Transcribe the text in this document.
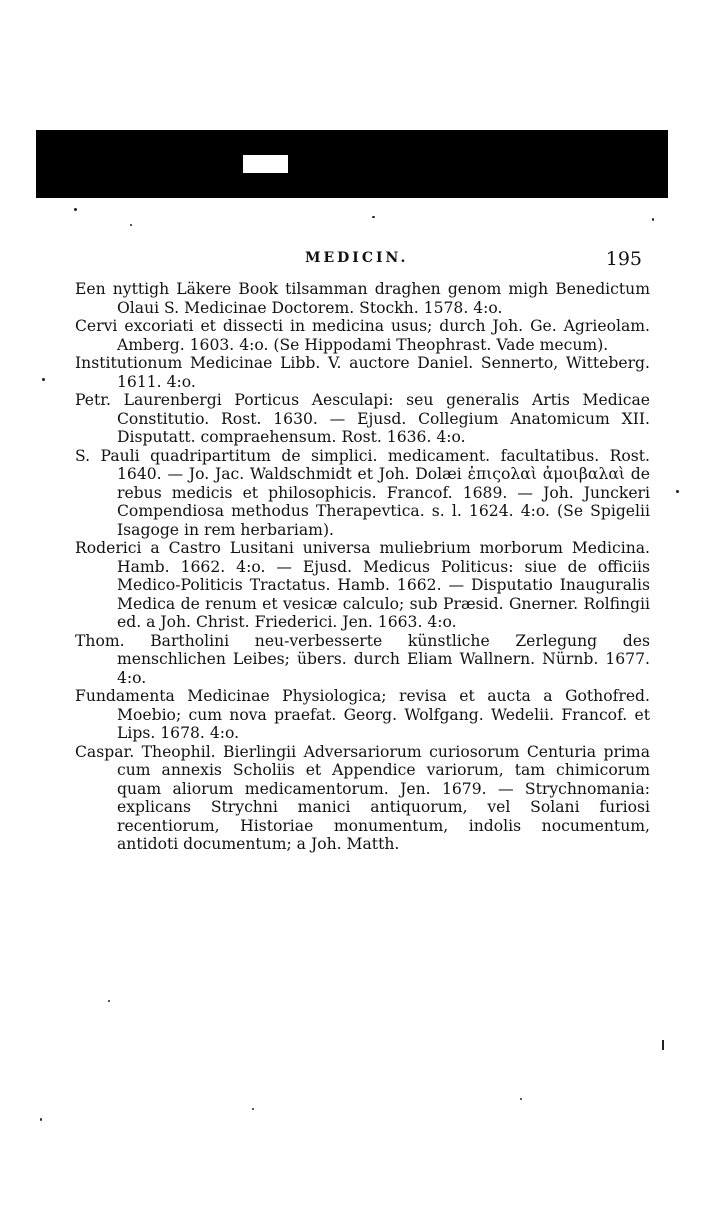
MEDICIN.	195
Een nyttigh Läkere Book tilsamman draghen genom migh Benedictum Olaui S. Medicinae Doctorem. Stockh. 1578. 4:o.
Cervi excoriati et dissecti in medicina usus; durch Joh. Ge. Agrieolam. Amberg. 1603. 4:o. (Se Hippodami Theophrast. Vade mecum).
Institutionum Medicinae Libb. V. auctore Daniel. Sennerto, Witteberg. 1611. 4:o.
Petr. Laurenbergi Porticus Aesculapi: seu generalis Artis Medicae Constitutio. Rost. 1630. — Ejusd. Collegium Anatomicum XII. Disputatt. compraehensum. Rost. 1636. 4:o.
S. Pauli quadripartitum de simplici. medicament. facultatibus. Rost. 1640. — Jo. Jac. Waldschmidt et Joh. Dolæi ἐπιςολαὶ ἀμοιβαλαὶ de rebus medicis et philosophicis. Francof. 1689. — Joh. Junckeri Compendiosa methodus Therapevtica. s. l. 1624. 4:o. (Se Spigelii Isagoge in rem herbariam).
Roderici a Castro Lusitani universa muliebrium morborum Medicina. Hamb. 1662. 4:o. — Ejusd. Medicus Politicus: siue de officiis Medico-Politicis Tractatus. Hamb. 1662. — Disputatio Inauguralis Medica de renum et vesicæ calculo; sub Præsid. Gnerner. Rolfingii ed. a Joh. Christ. Friederici. Jen. 1663. 4:o.
Thom. Bartholini neu-verbesserte künstliche Zerlegung des menschlichen Leibes; übers. durch Eliam Wallnern. Nürnb. 1677. 4:o.
Fundamenta Medicinae Physiologica; revisa et aucta a Gothofred. Moebio; cum nova praefat. Georg. Wolfgang. Wedelii. Francof. et Lips. 1678. 4:o.
Caspar. Theophil. Bierlingii Adversariorum curiosorum Centuria prima cum annexis Scholiis et Appendice variorum, tam chimicorum quam aliorum medicamentorum. Jen. 1679. — Strychnomania: explicans Strychni manici antiquorum, vel Solani furiosi recentiorum, Historiae monumentum, indolis nocumentum, antidoti documentum; a Joh. Matth.
